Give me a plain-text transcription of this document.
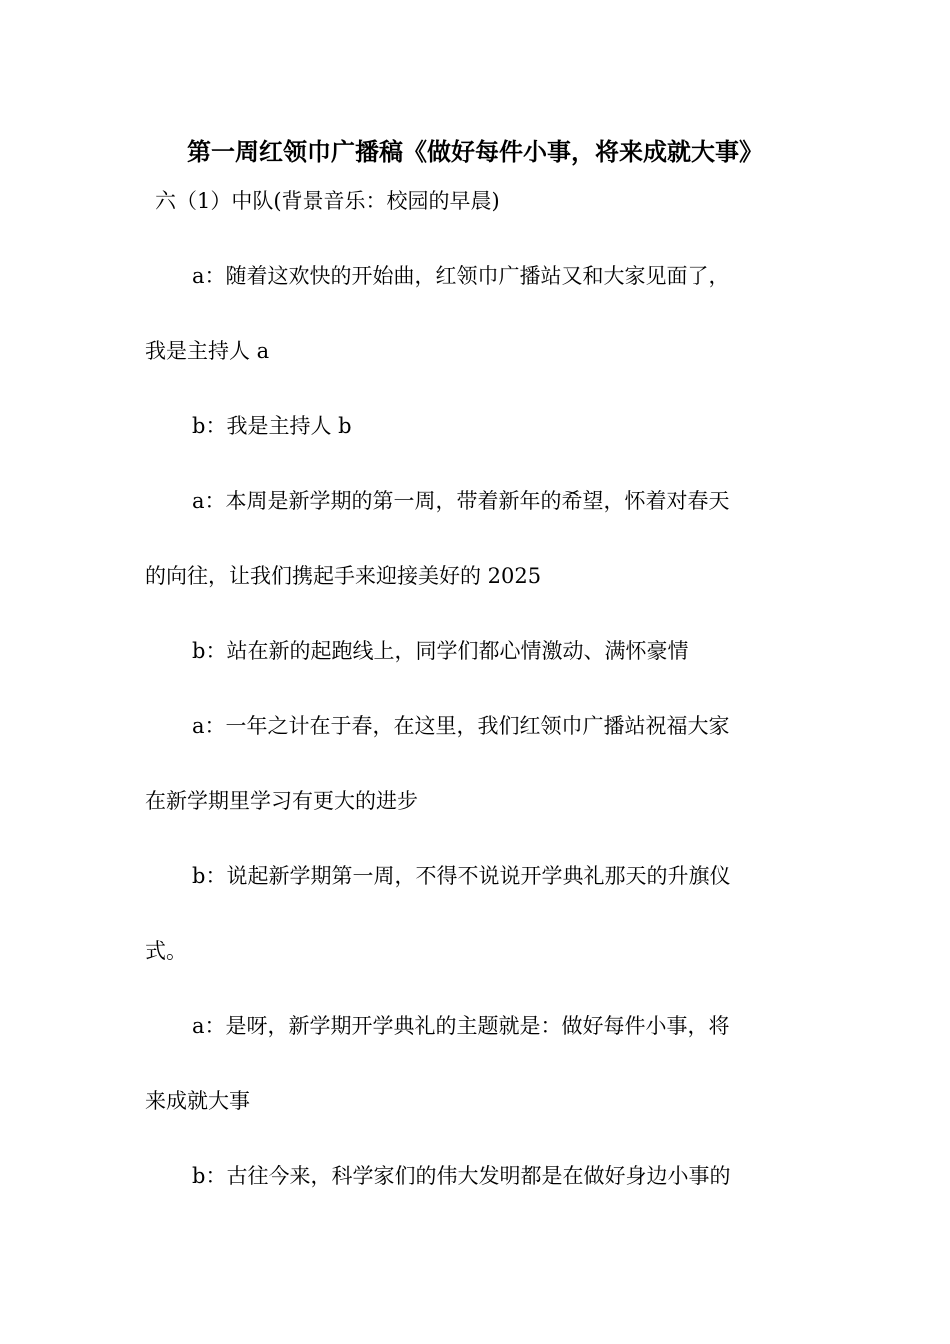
第一周红领巾广播稿《做好每件小事，将来成就大事》
六（1）中队(背景音乐：校园的早晨)
a：随着这欢快的开始曲，红领巾广播站又和大家见面了，
我是主持人 a
b：我是主持人 b
a：本周是新学期的第一周，带着新年的希望，怀着对春天
的向往，让我们携起手来迎接美好的 2025
b：站在新的起跑线上，同学们都心情激动、满怀豪情
a：一年之计在于春，在这里，我们红领巾广播站祝福大家
在新学期里学习有更大的进步
b：说起新学期第一周，不得不说说开学典礼那天的升旗仪
式。
a：是呀，新学期开学典礼的主题就是：做好每件小事，将
来成就大事
b：古往今来，科学家们的伟大发明都是在做好身边小事的
